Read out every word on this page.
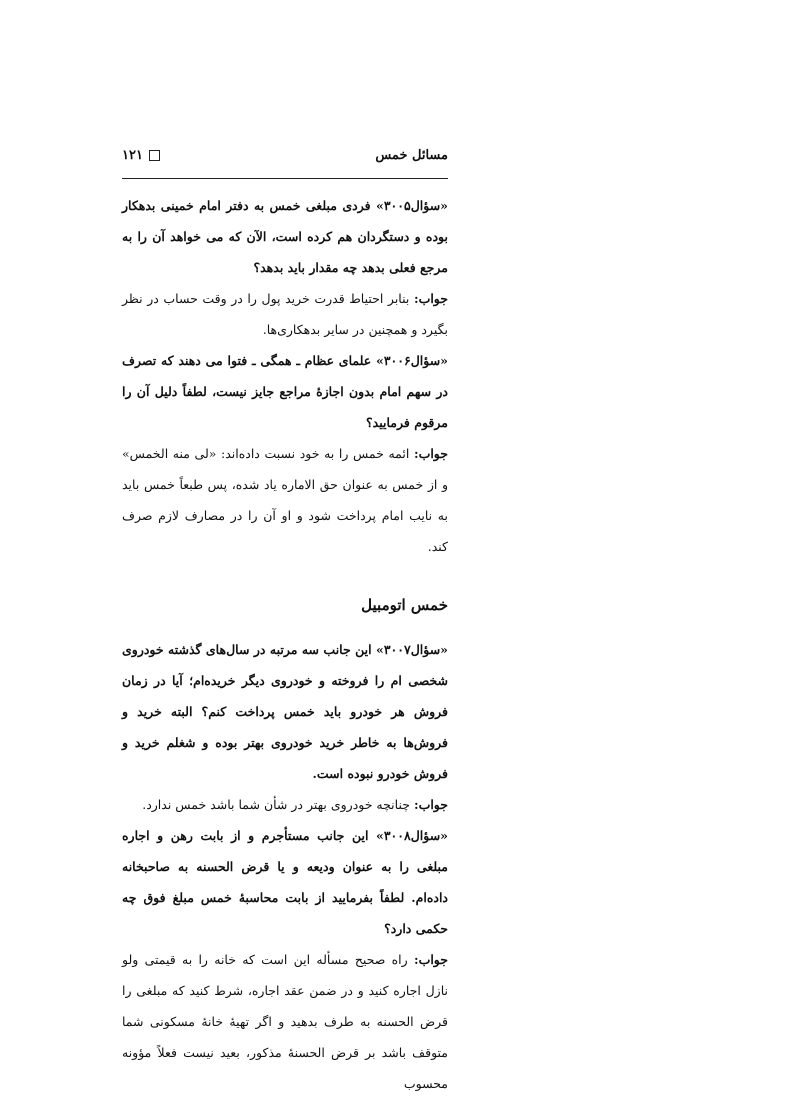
مسائل خمس
۱۲۱

«سؤال۳۰۰۵» فردی مبلغی خمس به دفتر امام خمینی بدهکار بوده و دستگردان هم کرده است، الآن که می خواهد آن را به مرجع فعلی بدهد چه مقدار باید بدهد؟

جواب: بنابر احتیاط قدرت خرید پول را در وقت حساب در نظر بگیرد و همچنین در سایر بدهکاری‌ها.

«سؤال۳۰۰۶» علمای عظام ـ همگی ـ فتوا می دهند که تصرف در سهم امام بدون اجازهٔ مراجع جایز نیست، لطفاً دلیل آن را مرقوم فرمایید؟

جواب: ائمه خمس را به خود نسبت داده‌اند: «لی منه الخمس» و از خمس به عنوان حق الاماره یاد شده، پس طبعاً خمس باید به نایب امام پرداخت شود و او آن را در مصارف لازم صرف کند.

خمس اتومبیل

«سؤال۳۰۰۷» این جانب سه مرتبه در سال‌های گذشته خودروی شخصی ام را فروخته و خودروی دیگر خریده‌ام؛ آیا در زمان فروش هر خودرو باید خمس پرداخت کنم؟ البته خرید و فروش‌ها به خاطر خرید خودروی بهتر بوده و شغلم خرید و فروش خودرو نبوده است.

جواب: چنانچه خودروی بهتر در شأن شما باشد خمس ندارد.

«سؤال۳۰۰۸» این جانب مستأجرم و از بابت رهن و اجاره مبلغی را به عنوان ودیعه و یا قرض الحسنه به صاحبخانه داده‌ام. لطفاً بفرمایید از بابت محاسبهٔ خمس مبلغ فوق چه حکمی دارد؟

جواب: راه صحیح مسأله این است که خانه را به قیمتی ولو نازل اجاره کنید و در ضمن عقد اجاره، شرط کنید که مبلغی را قرض الحسنه به طرف بدهید و اگر تهیهٔ خانهٔ مسکونی شما متوقف باشد بر قرض الحسنهٔ مذکور، بعید نیست فعلاً مؤونه محسوب
